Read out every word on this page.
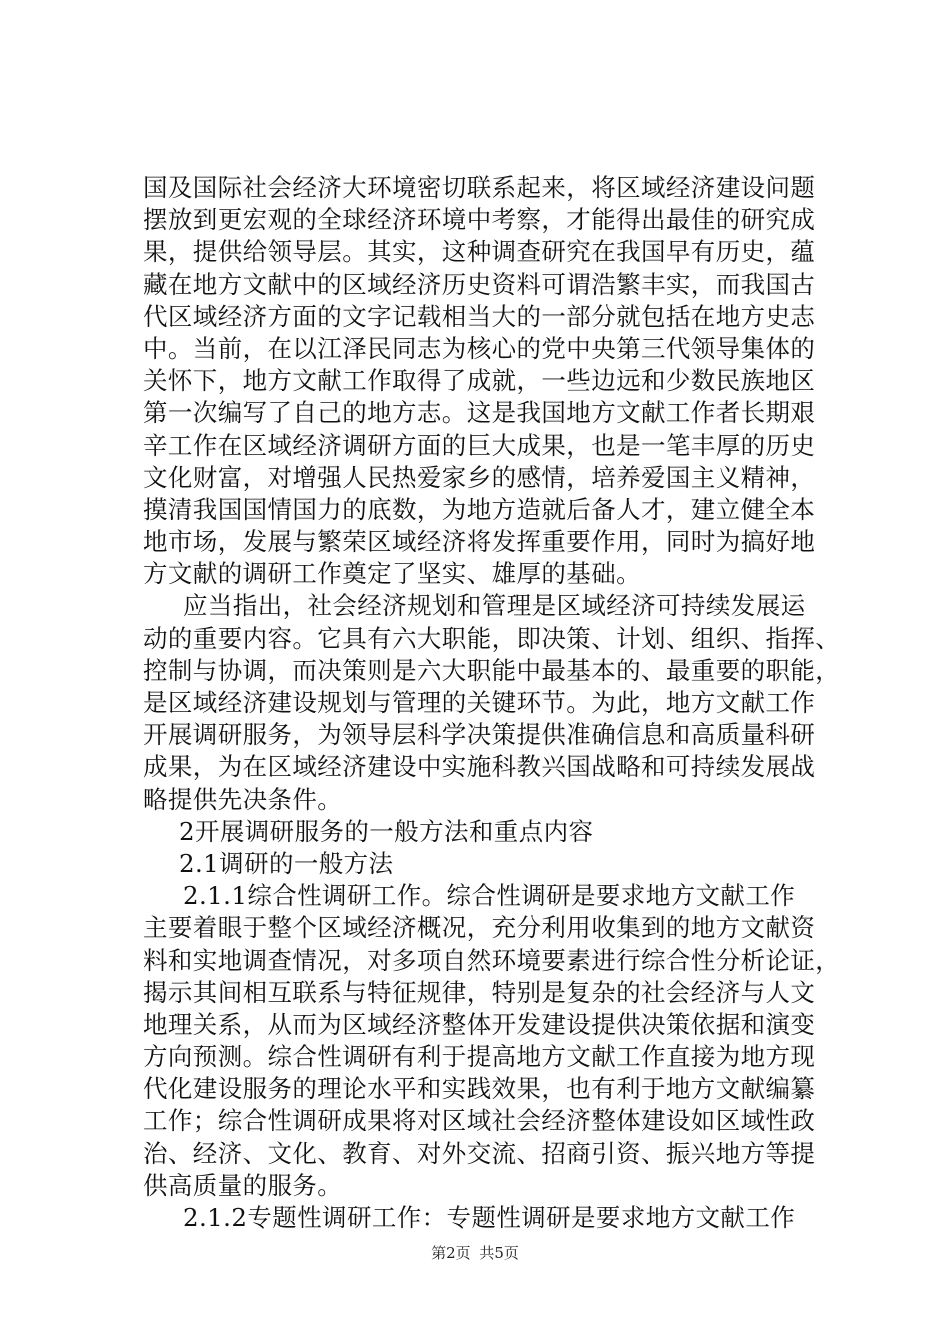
国及国际社会经济大环境密切联系起来，将区域经济建设问题
摆放到更宏观的全球经济环境中考察，才能得出最佳的研究成
果，提供给领导层。其实，这种调查研究在我国早有历史，蕴
藏在地方文献中的区域经济历史资料可谓浩繁丰实，而我国古
代区域经济方面的文字记载相当大的一部分就包括在地方史志
中。当前，在以江泽民同志为核心的党中央第三代领导集体的
关怀下，地方文献工作取得了成就，一些边远和少数民族地区
第一次编写了自己的地方志。这是我国地方文献工作者长期艰
辛工作在区域经济调研方面的巨大成果，也是一笔丰厚的历史
文化财富，对增强人民热爱家乡的感情，培养爱国主义精神，
摸清我国国情国力的底数，为地方造就后备人才，建立健全本
地市场，发展与繁荣区域经济将发挥重要作用，同时为搞好地
方文献的调研工作奠定了坚实、雄厚的基础。
应当指出，社会经济规划和管理是区域经济可持续发展运
动的重要内容。它具有六大职能，即决策、计划、组织、指挥、
控制与协调，而决策则是六大职能中最基本的、最重要的职能，
是区域经济建设规划与管理的关键环节。为此，地方文献工作
开展调研服务，为领导层科学决策提供准确信息和高质量科研
成果，为在区域经济建设中实施科教兴国战略和可持续发展战
略提供先决条件。
2开展调研服务的一般方法和重点内容
2.1调研的一般方法
2.1.1综合性调研工作。综合性调研是要求地方文献工作
主要着眼于整个区域经济概况，充分利用收集到的地方文献资
料和实地调查情况，对多项自然环境要素进行综合性分析论证，
揭示其间相互联系与特征规律，特别是复杂的社会经济与人文
地理关系，从而为区域经济整体开发建设提供决策依据和演变
方向预测。综合性调研有利于提高地方文献工作直接为地方现
代化建设服务的理论水平和实践效果，也有利于地方文献编纂
工作；综合性调研成果将对区域社会经济整体建设如区域性政
治、经济、文化、教育、对外交流、招商引资、振兴地方等提
供高质量的服务。
2.1.2专题性调研工作：专题性调研是要求地方文献工作
第2页 共5页
